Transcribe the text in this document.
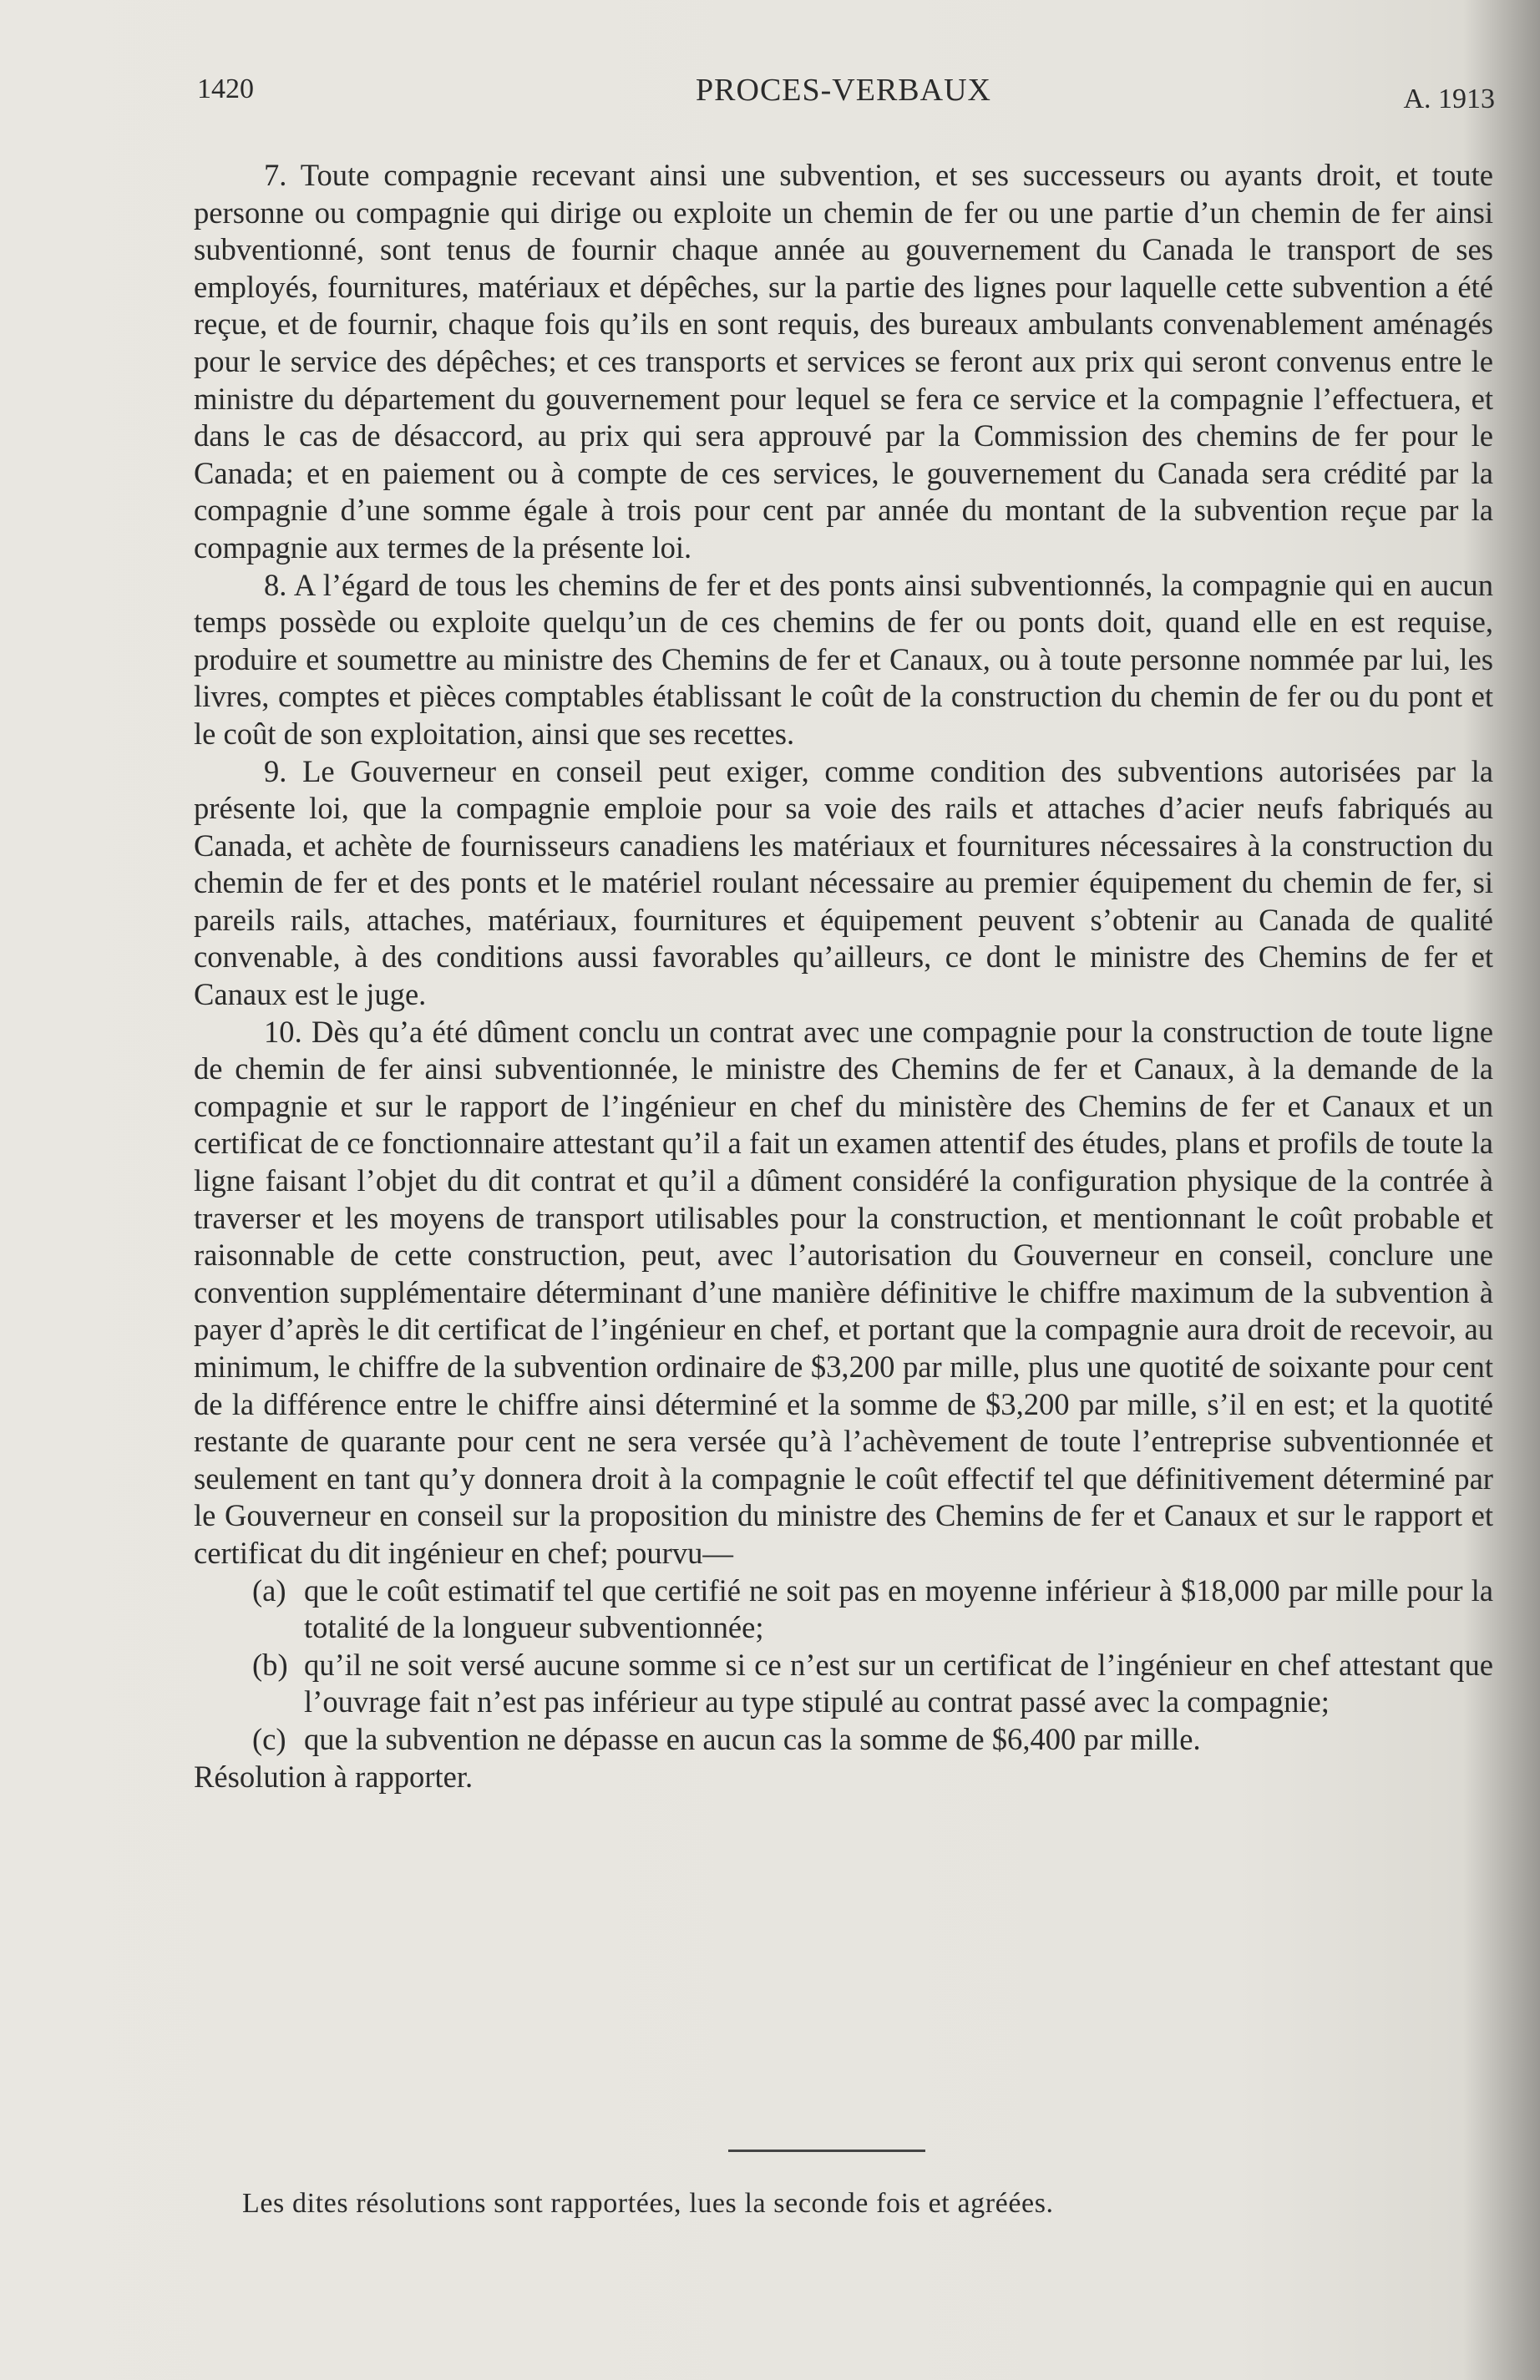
1420	PROCES-VERBAUX	A. 1913

7. Toute compagnie recevant ainsi une subvention, et ses successeurs ou ayants droit, et toute personne ou compagnie qui dirige ou exploite un chemin de fer ou une partie d’un chemin de fer ainsi subventionné, sont tenus de fournir chaque année au gouvernement du Canada le transport de ses employés, fournitures, matériaux et dépêches, sur la partie des lignes pour laquelle cette subvention a été reçue, et de fournir, chaque fois qu’ils en sont requis, des bureaux ambulants convenablement aménagés pour le service des dépêches; et ces transports et services se feront aux prix qui seront convenus entre le ministre du département du gouvernement pour lequel se fera ce service et la compagnie l’effectuera, et dans le cas de désaccord, au prix qui sera approuvé par la Commission des chemins de fer pour le Canada; et en paiement ou à compte de ces services, le gouvernement du Canada sera crédité par la compagnie d’une somme égale à trois pour cent par année du montant de la subvention reçue par la compagnie aux termes de la présente loi.

8. A l’égard de tous les chemins de fer et des ponts ainsi subventionnés, la compagnie qui en aucun temps possède ou exploite quelqu’un de ces chemins de fer ou ponts doit, quand elle en est requise, produire et soumettre au ministre des Chemins de fer et Canaux, ou à toute personne nommée par lui, les livres, comptes et pièces comptables établissant le coût de la construction du chemin de fer ou du pont et le coût de son exploitation, ainsi que ses recettes.

9. Le Gouverneur en conseil peut exiger, comme condition des subventions autorisées par la présente loi, que la compagnie emploie pour sa voie des rails et attaches d’acier neufs fabriqués au Canada, et achète de fournisseurs canadiens les matériaux et fournitures nécessaires à la construction du chemin de fer et des ponts et le matériel roulant nécessaire au premier équipement du chemin de fer, si pareils rails, attaches, matériaux, fournitures et équipement peuvent s’obtenir au Canada de qualité convenable, à des conditions aussi favorables qu’ailleurs, ce dont le ministre des Chemins de fer et Canaux est le juge.

10. Dès qu’a été dûment conclu un contrat avec une compagnie pour la construction de toute ligne de chemin de fer ainsi subventionnée, le ministre des Chemins de fer et Canaux, à la demande de la compagnie et sur le rapport de l’ingénieur en chef du ministère des Chemins de fer et Canaux et un certificat de ce fonctionnaire attestant qu’il a fait un examen attentif des études, plans et profils de toute la ligne faisant l’objet du dit contrat et qu’il a dûment considéré la configuration physique de la contrée à traverser et les moyens de transport utilisables pour la construction, et mentionnant le coût probable et raisonnable de cette construction, peut, avec l’autorisation du Gouverneur en conseil, conclure une convention supplémentaire déterminant d’une manière définitive le chiffre maximum de la subvention à payer d’après le dit certificat de l’ingénieur en chef, et portant que la compagnie aura droit de recevoir, au minimum, le chiffre de la subvention ordinaire de $3,200 par mille, plus une quotité de soixante pour cent de la différence entre le chiffre ainsi déterminé et la somme de $3,200 par mille, s’il en est; et la quotité restante de quarante pour cent ne sera versée qu’à l’achèvement de toute l’entreprise subventionnée et seulement en tant qu’y donnera droit à la compagnie le coût effectif tel que définitivement déterminé par le Gouverneur en conseil sur la proposition du ministre des Chemins de fer et Canaux et sur le rapport et certificat du dit ingénieur en chef; pourvu—

(a) que le coût estimatif tel que certifié ne soit pas en moyenne inférieur à $18,000 par mille pour la totalité de la longueur subventionnée;
(b) qu’il ne soit versé aucune somme si ce n’est sur un certificat de l’ingénieur en chef attestant que l’ouvrage fait n’est pas inférieur au type stipulé au contrat passé avec la compagnie;
(c) que la subvention ne dépasse en aucun cas la somme de $6,400 par mille.

Résolution à rapporter.

Les dites résolutions sont rapportées, lues la seconde fois et agréées.
